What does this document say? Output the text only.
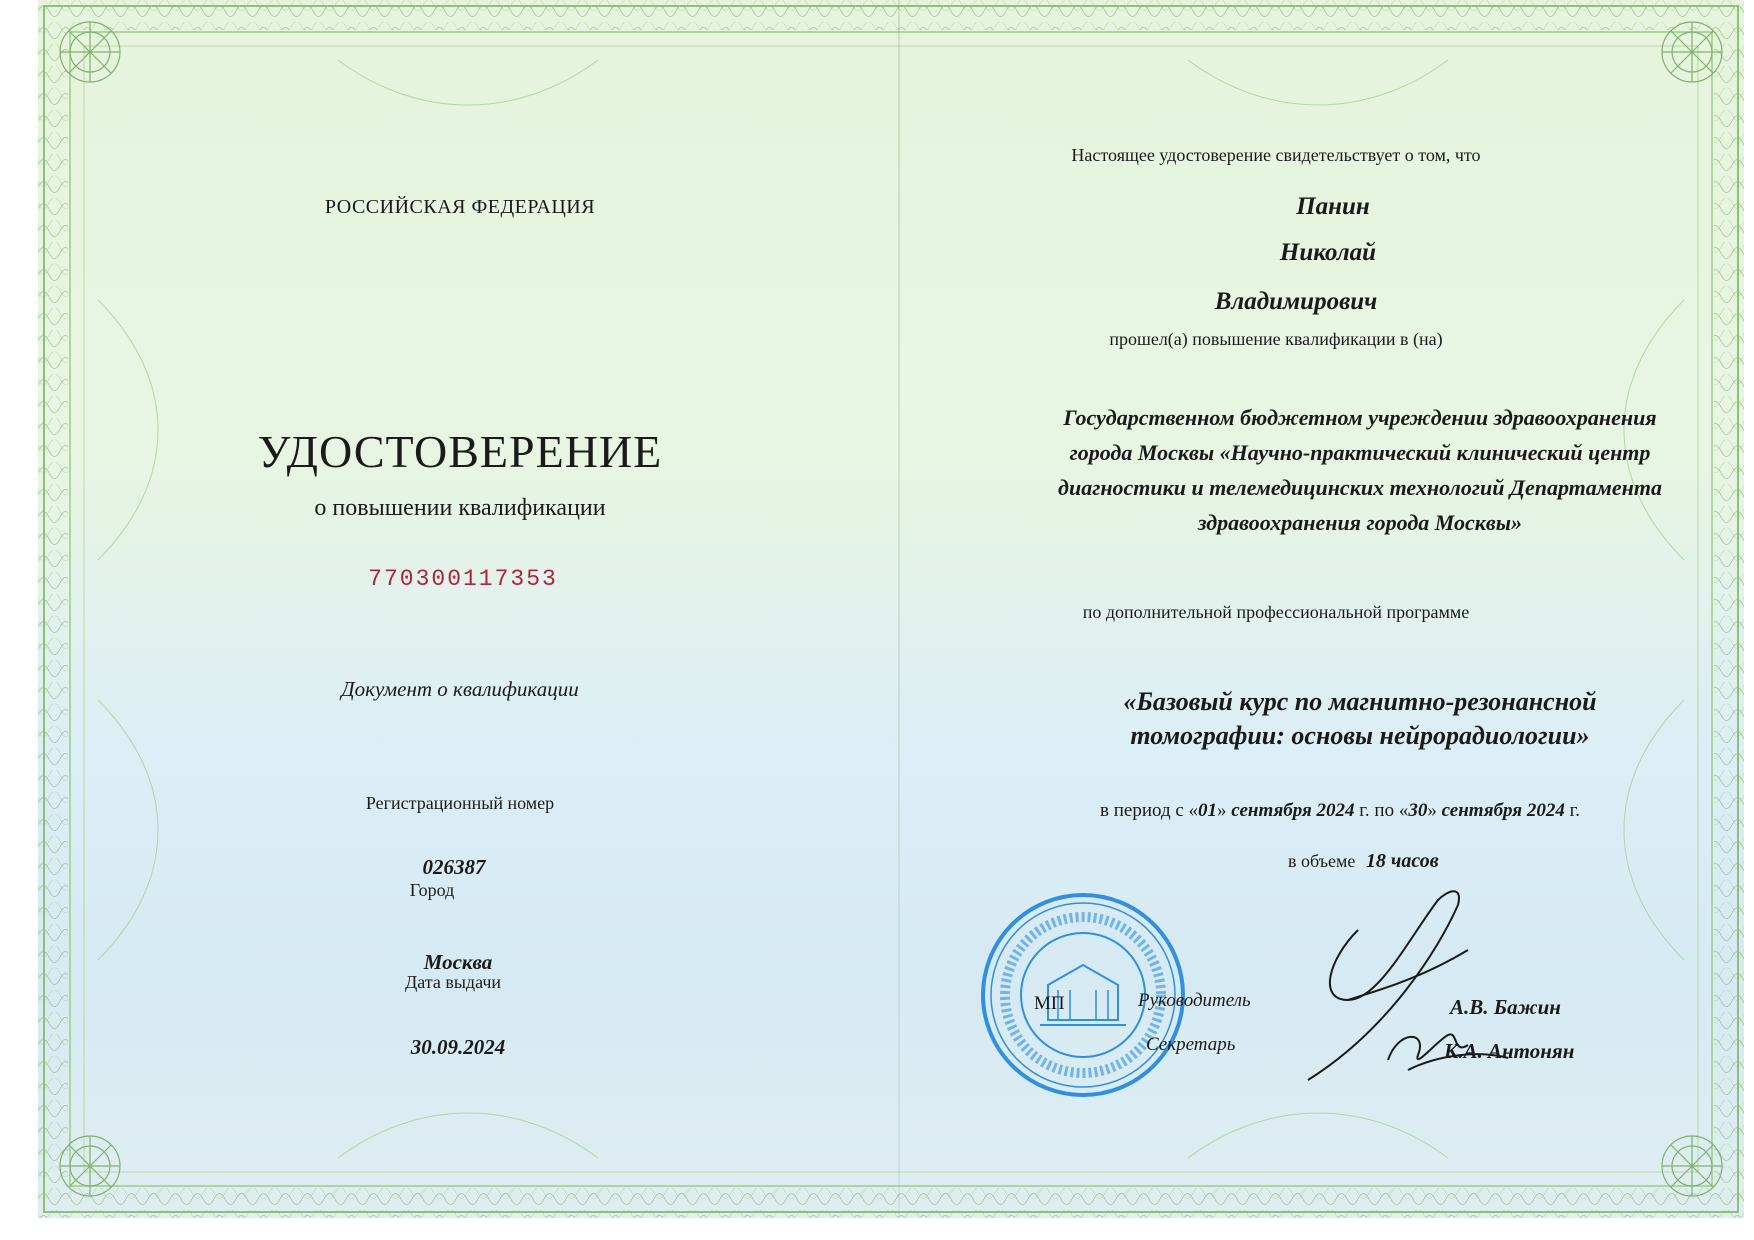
РОССИЙСКАЯ ФЕДЕРАЦИЯ
УДОСТОВЕРЕНИЕ
о повышении квалификации
770300117353
Документ о квалификации
Регистрационный номер
026387
Город
Москва
Дата выдачи
30.09.2024
Настоящее удостоверение свидетельствует о том, что
Панин
Николай
Владимирович
прошел(а) повышение квалификации в (на)
Государственном бюджетном учреждении здравоохранения
города Москвы «Научно-практический клинический центр
диагностики и телемедицинских технологий Департамента
здравоохранения города Москвы»
по дополнительной профессиональной программе
«Базовый курс по магнитно-резонансной
томографии: основы нейрорадиологии»
в период с «01» сентября 2024 г. по «30» сентября 2024 г.
в объеме 18 часов
МП	Руководитель	А.В. Бажин
Секретарь	К.А. Антонян
